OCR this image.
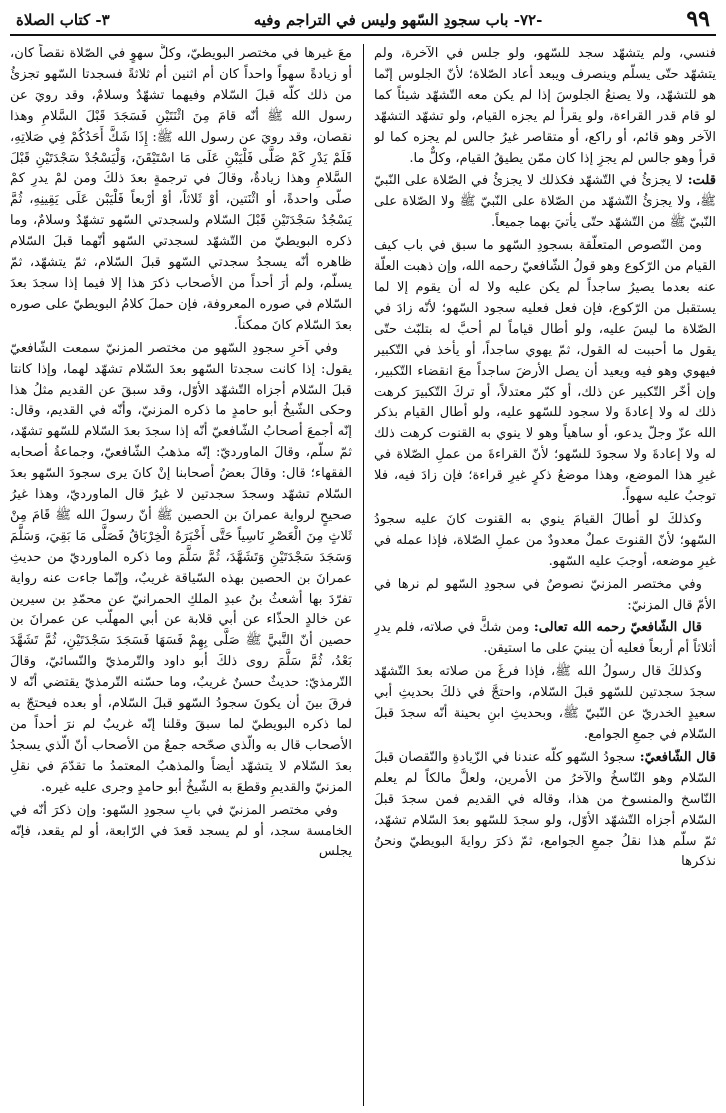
٩٩
-٧٢- باب سجودِ السّهو وليس في التراجم وفيه
٣- كتاب الصلاة

فنسي، ولم يتشهّد سجد للسّهو، ولو جلس في الآخرة، ولم يتشهّد حتّى يسلّم وينصرف ويبعد أعاد الصّلاة؛ لأنّ الجلوس إنّما هو للتشهّد، ولا يصنعُ الجلوسَ إذا لم يكن معه التّشهّد شيئاً كما لو قام قدر القراءة، ولو يقرأ لم يجزه القيام، ولو تشهّد التشهّد الآخر وهو قائم، أو راكع، أو متقاصر غيرُ جالس لم يجزه كما لو قرأ وهو جالس لم يجزِ إذا كان ممّن يطيقُ القيام، وكلٌّ ما.

قلت: لا يجزئُ في التّشهّد فكذلك لا يجزئُ في الصّلاة على النّبيّ ﷺ، ولا يجزئُ التّشهّد من الصّلاة على النّبيّ ﷺ ولا الصّلاة على النّبيّ ﷺ من التّشهّد حتّى يأتيَ بهما جميعاً.

ومن النّصوص المتعلّقة بسجودِ السّهو ما سبق في باب كيف القيام من الرّكوع وهو قولُ الشّافعيّ رحمه الله، وإن ذهبت العلّة عنه بعدما يصيرُ ساجداً لم يكن عليه ولا له أن يقوم إلا لما يستقبل من الرّكوع، فإن فعل فعليه سجود السّهو؛ لأنّه زادَ في الصّلاة ما ليسَ عليه، ولو أطال قياماً لم أحبَّ له بتلبّث حتّى يقول ما أحببت له القول، ثمّ يهوي ساجداً، أو يأخذ في التّكبير فيهوي وهو فيه ويعيد أن يصل الأرضَ ساجداً معَ انقضاء التّكبير، وإن أخّر التّكبير عن ذلك، أو كبّر معتدلاً، أو تركَ التّكبيرَ كرهت ذلك له ولا إعادةَ ولا سجود للسّهو عليه، ولو أطال القيام بذكر الله عزّ وجلّ يدعو، أو ساهياً وهو لا ينوي به القنوت كرهت ذلك له ولا إعادةَ ولا سجودَ للسّهو؛ لأنّ القراءةَ من عملِ الصّلاة في غيرِ هذا الموضع، وهذا موضعُ ذكرٍ غيرِ قراءة؛ فإن زادَ فيه، فلا توجبُ عليه سهواً.

وكذلكَ لو أطالَ القيامَ ينوي به القنوت كانَ عليه سجودُ السّهو؛ لأنّ القنوتَ عملٌ معدودٌ من عملِ الصّلاة، فإذا عمله في غيرِ موضعه، أوجبَ عليه السّهو.

وفي مختصر المزنيّ نصوصٌ في سجودِ السّهو لم نرها في الأمّ قال المزنيّ:

قال الشّافعيّ رحمه الله تعالى: ومن شكَّ في صلاته، فلم يدرِ أثلاثاً أم أربعاً فعليه أن يبنيَ على ما استيقن.

وكذلكَ قال رسولُ الله ﷺ، فإذا فرغَ من صلاته بعدَ التّشهّد سجدَ سجدتين للسّهو قبلَ السّلام، واحتجَّ في ذلكَ بحديثِ أبي سعيدٍ الخدريّ عن النّبيّ ﷺ، وبحديثِ ابنِ بحينة أنّه سجدَ قبلَ السّلام في جمعِ الجوامع.

قال الشّافعيّ: سجودُ السّهو كلّه عندنا في الزّيادةِ والنّقصان قبلَ السّلام وهو النّاسخُ والآخرُ من الأمرين، ولعلَّ مالكاً لم يعلم النّاسخ والمنسوخ من هذا، وقاله في القديم فمن سجدَ قبلَ السّلام أجزاه التّشهّد الأوّل، ولو سجدَ للسّهو بعدَ السّلام تشهّد، ثمّ سلّم هذا نقلُ جمعِ الجوامع، ثمّ ذكرَ روايةَ البويطيّ ونحنُ نذكرها

معَ غيرها في مختصر البويطيّ، وكلُّ سهوٍ في الصّلاة نقصاً كان، أو زيادةً سهواً واحداً كان أم اثنين أم ثلاثةً فسجدتا السّهو تجزئُ من ذلك كلّه قبلَ السّلام وفيهما تشهّدٌ وسلامٌ، وقد رويَ عن رسول الله ﷺ أنّه قامَ مِنَ اثْنَتَيْنِ فَسَجَدَ قَبْلَ السَّلامِ وهذا نقصان، وقد رويَ عن رسول الله ﷺ: إِذَا شَكَّ أَحَدُكُمْ فِي صَلاتِهِ، فَلَمْ يَدْرِ كَمْ صَلَّى فَلْيَبْنِ عَلَى مَا اسْتَيْقَنَ، وَلْيَسْجُدْ سَجْدَتَيْنِ قَبْلَ السَّلامِ وهذا زيادةٌ، وقالَ في ترجمةٍ بعدَ ذلكَ ومن لمْ يدرِ كمْ صلّى واحدةً، أو اثْنَتين، أوْ ثَلاثاً، أوْ أرْبعاً فَلْيَبْن عَلَى يَقِينِهِ، ثُمَّ يَسْجُدُ سَجْدَتَيْنِ قَبْلَ السّلام ولسجدتي السّهو تشهّدٌ وسلامٌ، وما ذكره البويطيّ من التّشهّد لسجدتي السّهو أنّهما قبلَ السّلام ظاهره أنّه يسجدُ سجدتي السّهو قبلَ السّلام، ثمّ يتشهّد، ثمّ يسلّم، ولم أرَ أحداً من الأصحاب ذكرَ هذا إلا فيما إذا سجدَ بعدَ السّلام في صوره المعروفة، فإن حملَ كلامُ البويطيّ على صوره بعدَ السّلام كانَ ممكناً.

وفي آخرِ سجودِ السّهو من مختصر المزنيّ سمعت الشّافعيّ يقول: إذا كانت سجدتا السّهو بعدَ السّلام تشهّد لهما، وإذا كانتا قبلَ السّلام أجزاه التّشهّد الأوّل، وقد سبقَ عن القديم مثلُ هذا وحكى الشّيخُ أبو حامدٍ ما ذكره المزنيّ، وأنّه في القديم، وقال: إنّه أجمعَ أصحابُ الشّافعيّ أنّه إذا سجدَ بعدَ السّلام للسّهو تشهّد، ثمّ سلّم، وقالَ الماورديّ: إنّه مذهبُ الشّافعيّ، وجماعةُ أصحابه الفقهاء؛ قال: وقالَ بعضُ أصحابنا إنْ كانَ يرى سجودَ السّهو بعدَ السّلام تشهّد وسجدَ سجدتين لا غيرُ قال الماورديّ، وهذا غيرُ صحيحٍ لرواية عمرانَ بن الحصين ﷺ أنّ رسولَ الله ﷺ قَامَ مِنْ ثَلاثٍ مِنَ الْعَصْرِ نَاسِياً حَتَّى أَخْبَرَهُ الْخِرْبَاقُ فَصَلَّى مَا بَقِيَ، وَسَلَّمَ وَسَجَدَ سَجْدَتَيْنِ وَتَشَهَّدَ، ثُمَّ سَلَّمَ وما ذكره الماورديّ من حديثِ عمرانَ بن الحصين بهذه السّياقة غريبٌ، وإنّما جاءت عنه رواية تفرّدَ بها أشعثُ بنُ عبدِ الملكِ الحمرانيّ عن محمّدِ بن سيرين عن خالدٍ الحذّاء عن أبي قلابة عن أبي المهلّب عن عمرانَ بن حصين أنّ النَّبيَّ ﷺ صَلَّى بِهِمْ فَسَهَا فَسَجَدَ سَجْدَتَيْنِ، ثُمَّ تَشَهَّدَ بَعْدُ، ثُمَّ سَلَّمَ روى ذلكَ أبو داود والتّرمذيّ والنّسائيّ، وقالَ التّرمذيّ: حديثٌ حسنٌ غريبٌ، وما حسّنه التّرمذيّ يقتضي أنّه لا فرقَ بينَ أن يكونَ سجودُ السّهو قبلَ السّلام، أو بعده فيحتجّ به لما ذكره البويطيّ لما سبقَ وقلنا إنّه غريبٌ لم نرَ أحداً من الأصحاب قال به والّذي صحّحه جمعٌ من الأصحاب أنّ الّذي يسجدُ بعدَ السّلام لا يتشهّد أيضاً والمذهبُ المعتمدُ ما تقدّمَ في نقلِ المزنيّ والقديمِ وقطعَ به الشّيخُ أبو حامدٍ وجرى عليه غيره.

وفي مختصر المزنيّ في بابِ سجودِ السّهو: وإن ذكرَ أنّه في الخامسة سجد، أو لم يسجد قعدَ في الرّابعة، أو لم يقعد، فإنّه يجلس
